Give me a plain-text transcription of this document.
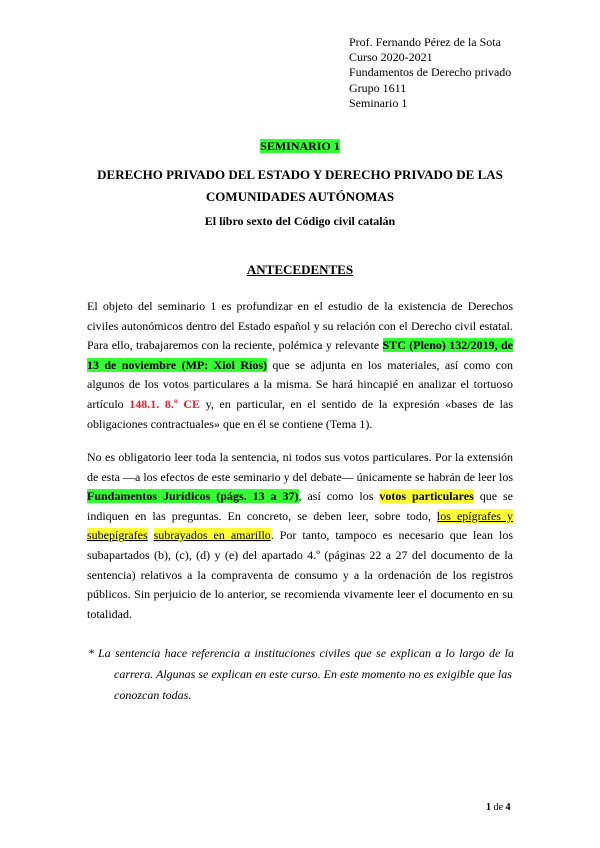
Prof. Fernando Pérez de la Sota
Curso 2020-2021
Fundamentos de Derecho privado
Grupo 1611
Seminario 1
SEMINARIO 1
DERECHO PRIVADO DEL ESTADO Y DERECHO PRIVADO DE LAS
COMUNIDADES AUTÓNOMAS
El libro sexto del Código civil catalán
ANTECEDENTES

El objeto del seminario 1 es profundizar en el estudio de la existencia de Derechos civiles autonómicos dentro del Estado español y su relación con el Derecho civil estatal. Para ello, trabajaremos con la reciente, polémica y relevante STC (Pleno) 132/2019, de 13 de noviembre (MP: Xiol Ríos) que se adjunta en los materiales, así como con algunos de los votos particulares a la misma. Se hará hincapié en analizar el tortuoso artículo 148.1. 8.º CE y, en particular, en el sentido de la expresión «bases de las obligaciones contractuales» que en él se contiene (Tema 1).

No es obligatorio leer toda la sentencia, ni todos sus votos particulares. Por la extensión de esta ―a los efectos de este seminario y del debate― únicamente se habrán de leer los Fundamentos Jurídicos (págs. 13 a 37), así como los votos particulares que se indiquen en las preguntas. En concreto, se deben leer, sobre todo, los epígrafes y subepígrafes subrayados en amarillo. Por tanto, tampoco es necesario que lean los subapartados (b), (c), (d) y (e) del apartado 4.º (páginas 22 a 27 del documento de la sentencia) relativos a la compraventa de consumo y a la ordenación de los registros públicos. Sin perjuicio de lo anterior, se recomienda vivamente leer el documento en su totalidad.

* La sentencia hace referencia a instituciones civiles que se explican a lo largo de la
carrera. Algunas se explican en este curso. En este momento no es exigible que las conozcan todas.
1 de 4
